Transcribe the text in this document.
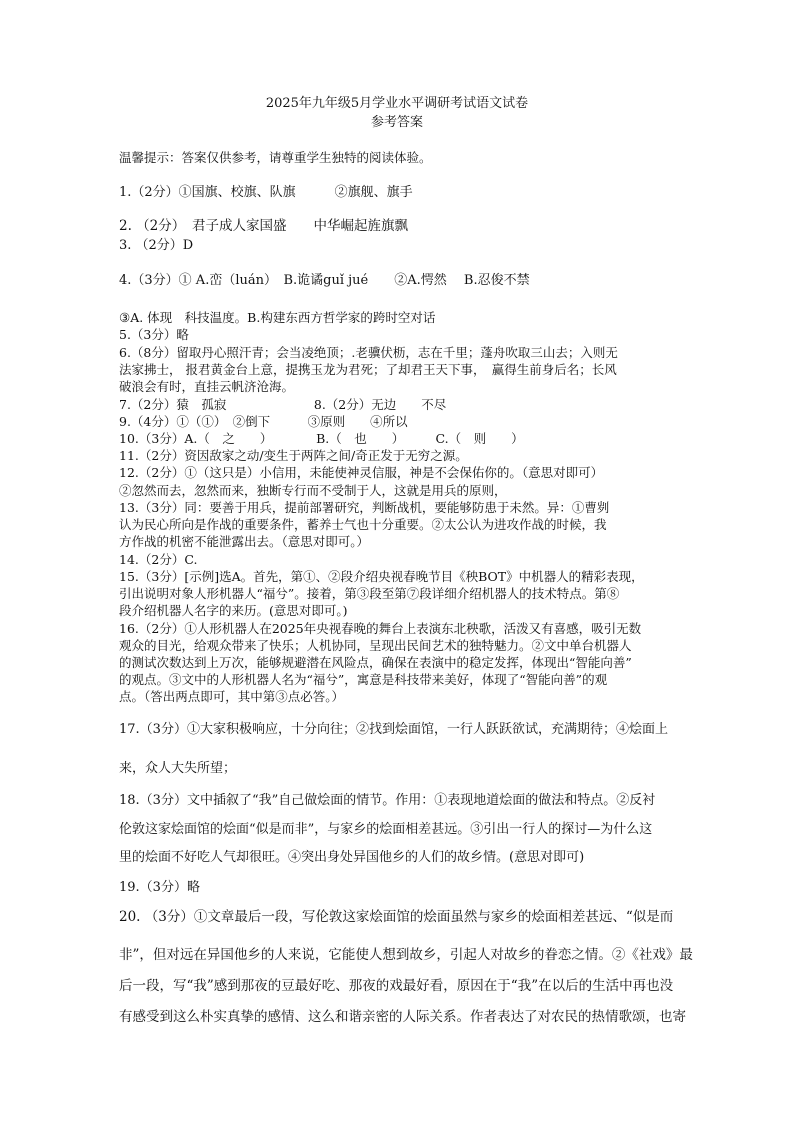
2025年九年级5月学业水平调研考试语文试卷
参考答案
温馨提示：答案仅供参考，请尊重学生独特的阅读体验。
1.（2分）①国旗、校旗、队旗　　　②旗舰、旗手
2. （2分）　君子成人家国盛　　中华崛起旌旗飘
3. （2分）D
4.（3分）① A.峦（luán）　B.诡谲guǐ jué　　②A.愕然　 B.忍俊不禁
③A. 体现　科技温度。B.构建东西方哲学家的跨时空对话
5.（3分）略
6.（8分）留取丹心照汗青；会当凌绝顶；.老骥伏枥，志在千里；蓬舟吹取三山去；入则无
法家拂士， 报君黄金台上意，提携玉龙为君死；了却君王天下事，　赢得生前身后名；长风
破浪会有时，直挂云帆济沧海。
7.（2分）猿　孤寂　　　　　　　8.（2分）无边　　不尽
9.（4分）①（①）　②倒下　　　③原则　　④所以
10.（3分）A.（　之　　）　　　　B.（　也　　）　　　C.（　则　　）
11.（2分）资因敌家之动/变生于两阵之间/奇正发于无穷之源。
12.（2分）①（这只是）小信用，未能使神灵信服，神是不会保佑你的。（意思对即可）
②忽然而去，忽然而来，独断专行而不受制于人，这就是用兵的原则，
13.（3分）同：要善于用兵，提前部署研究，判断战机，要能够防患于未然。异：①曹刿
认为民心所向是作战的重要条件，蓄养士气也十分重要。②太公认为进攻作战的时候，我
方作战的机密不能泄露出去。（意思对即可。）
14.（2分）C.
15.（3分）[示例]选A。首先，第①、②段介绍央视春晚节目《秧BOT》中机器人的精彩表现，
引出说明对象人形机器人“福兮”。接着，第③段至第⑦段详细介绍机器人的技术特点。第⑧
段介绍机器人名字的来历。(意思对即可。)
16.（2分）①人形机器人在2025年央视春晚的舞台上表演东北秧歌，活泼又有喜感，吸引无数
观众的目光，给观众带来了快乐；人机协同，呈现出民间艺术的独特魅力。②文中单台机器人
的测试次数达到上万次，能够规避潜在风险点，确保在表演中的稳定发挥，体现出“智能向善”
的观点。③文中的人形机器人名为“福兮”，寓意是科技带来美好，体现了“智能向善”的观
点。（答出两点即可，其中第③点必答。）
17.（3分）①大家积极响应，十分向往；②找到烩面馆，一行人跃跃欲试，充满期待；④烩面上
来，众人大失所望；
18.（3分）文中插叙了“我”自己做烩面的情节。作用：①表现地道烩面的做法和特点。②反衬
伦敦这家烩面馆的烩面“似是而非”，与家乡的烩面相差甚远。③引出一行人的探讨—为什么这
里的烩面不好吃人气却很旺。④突出身处异国他乡的人们的故乡情。(意思对即可)
19.（3分）略
20. （3分）①文章最后一段，写伦敦这家烩面馆的烩面虽然与家乡的烩面相差甚远、“似是而
非”，但对远在异国他乡的人来说，它能使人想到故乡，引起人对故乡的眷恋之情。②《社戏》最
后一段，写“我”感到那夜的豆最好吃、那夜的戏最好看，原因在于“我”在以后的生活中再也没
有感受到这么朴实真挚的感情、这么和谐亲密的人际关系。作者表达了对农民的热情歌颂，也寄
